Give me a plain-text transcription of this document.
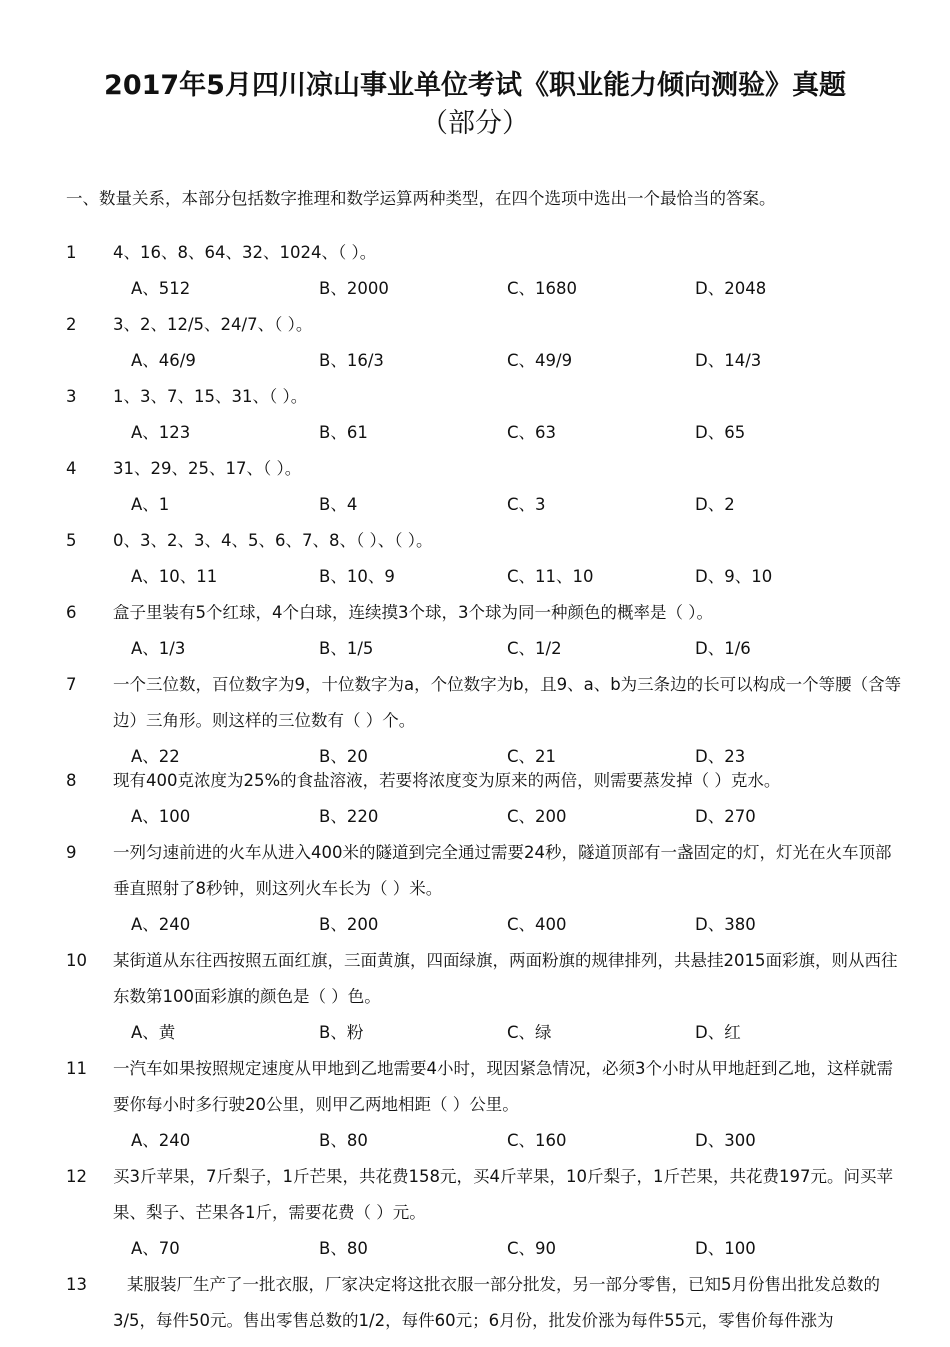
2017年5月四川凉山事业单位考试《职业能力倾向测验》真题
（部分）

一、数量关系，本部分包括数字推理和数学运算两种类型，在四个选项中选出一个最恰当的答案。

1 4、16、8、64、32、1024、（ ）。
A、512	B、2000	C、1680	D、2048
2 3、2、12/5、24/7、（ ）。
A、46/9	B、16/3	C、49/9	D、14/3
3 1、3、7、15、31、（ ）。
A、123	B、61	C、63	D、65
4 31、29、25、17、（ ）。
A、1	B、4	C、3	D、2
5 0、3、2、3、4、5、6、7、8、（ ）、（ ）。
A、10、11	B、10、9	C、11、10	D、9、10
6 盒子里装有5个红球，4个白球，连续摸3个球，3个球为同一种颜色的概率是（ ）。
A、1/3	B、1/5	C、1/2	D、1/6
7 一个三位数，百位数字为9，十位数字为a，个位数字为b，且9、a、b为三条边的长可以构成一个等腰（含等边）三角形。则这样的三位数有（ ）个。
A、22	B、20	C、21	D、23
8 现有400克浓度为25%的食盐溶液，若要将浓度变为原来的两倍，则需要蒸发掉（ ）克水。
A、100	B、220	C、200	D、270
9 一列匀速前进的火车从进入400米的隧道到完全通过需要24秒，隧道顶部有一盏固定的灯，灯光在火车顶部垂直照射了8秒钟，则这列火车长为（ ）米。
A、240	B、200	C、400	D、380
10 某街道从东往西按照五面红旗，三面黄旗，四面绿旗，两面粉旗的规律排列，共悬挂2015面彩旗，则从西往东数第100面彩旗的颜色是（ ）色。
A、黄	B、粉	C、绿	D、红
11 一汽车如果按照规定速度从甲地到乙地需要4小时，现因紧急情况，必须3个小时从甲地赶到乙地，这样就需要你每小时多行驶20公里，则甲乙两地相距（ ）公里。
A、240	B、80	C、160	D、300
12 买3斤苹果，7斤梨子，1斤芒果，共花费158元，买4斤苹果，10斤梨子，1斤芒果，共花费197元。问买苹果、梨子、芒果各1斤，需要花费（ ）元。
A、70	B、80	C、90	D、100
13	某服装厂生产了一批衣服，厂家决定将这批衣服一部分批发，另一部分零售，已知5月份售出批发总数的3/5，每件50元。售出零售总数的1/2，每件60元；6月份，批发价涨为每件55元，零售价每件涨为
